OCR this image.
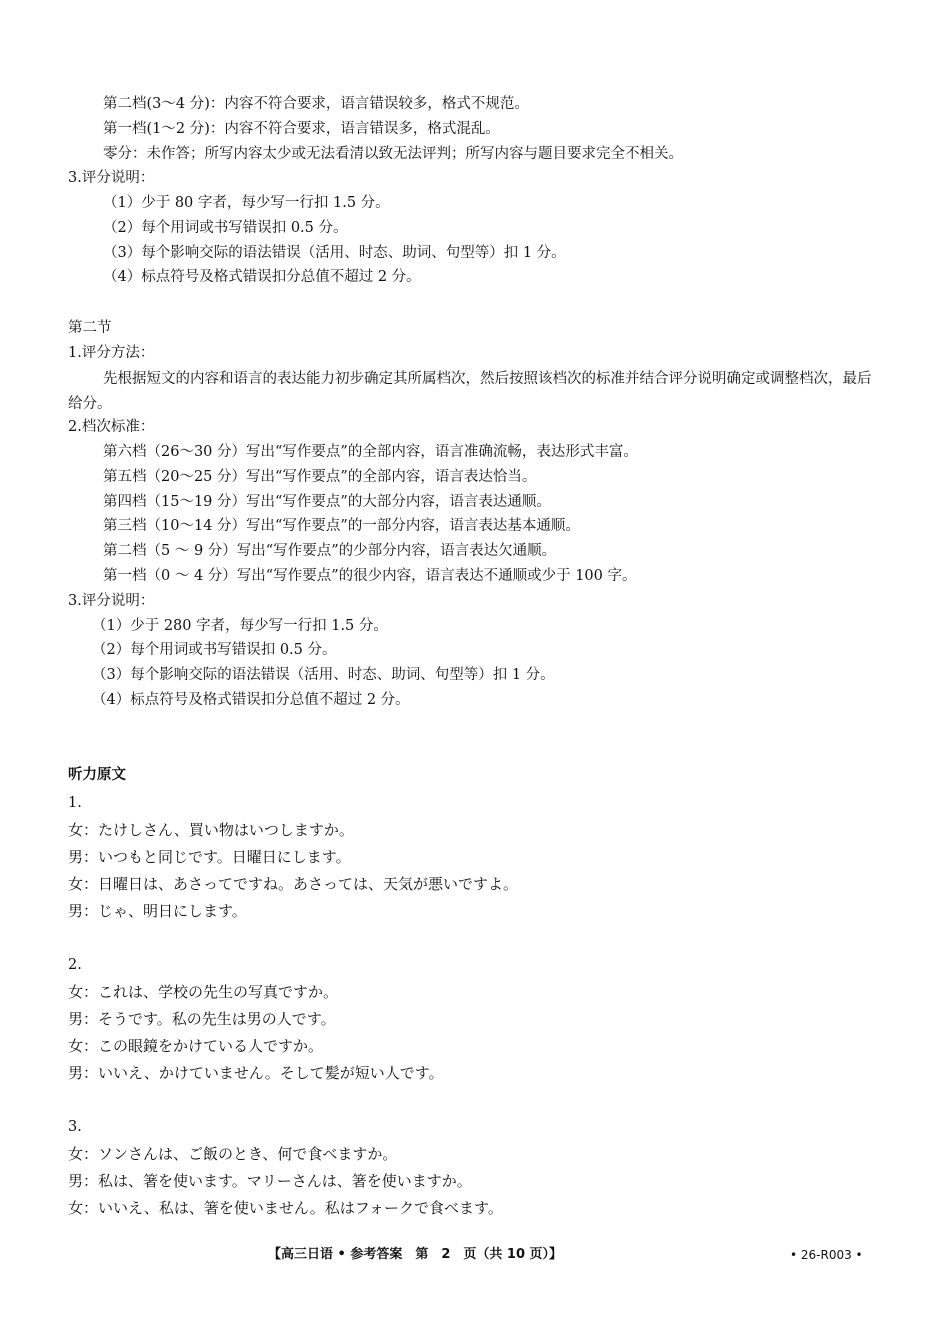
第二档(3～4 分)：内容不符合要求，语言错误较多，格式不规范。
第一档(1～2 分)：内容不符合要求，语言错误多，格式混乱。
零分：未作答；所写内容太少或无法看清以致无法评判；所写内容与题目要求完全不相关。
3.评分说明：
（1）少于 80 字者，每少写一行扣 1.5 分。
（2）每个用词或书写错误扣 0.5 分。
（3）每个影响交际的语法错误（活用、时态、助词、句型等）扣 1 分。
（4）标点符号及格式错误扣分总值不超过 2 分。
第二节
1.评分方法：
先根据短文的内容和语言的表达能力初步确定其所属档次，然后按照该档次的标准并结合评分说明确定或调整档次，最后给分。
2.档次标准：
第六档（26～30 分）写出“写作要点”的全部内容，语言准确流畅，表达形式丰富。
第五档（20～25 分）写出“写作要点”的全部内容，语言表达恰当。
第四档（15～19 分）写出“写作要点”的大部分内容，语言表达通顺。
第三档（10～14 分）写出“写作要点”的一部分内容，语言表达基本通顺。
第二档（5 ～ 9 分）写出“写作要点”的少部分内容，语言表达欠通顺。
第一档（0 ～ 4 分）写出“写作要点”的很少内容，语言表达不通顺或少于 100 字。
3.评分说明：
（1）少于 280 字者，每少写一行扣 1.5 分。
（2）每个用词或书写错误扣 0.5 分。
（3）每个影响交际的语法错误（活用、时态、助词、句型等）扣 1 分。
（4）标点符号及格式错误扣分总值不超过 2 分。
听力原文
1.
女：たけしさん、買い物はいつしますか。
男：いつもと同じです。日曜日にします。
女：日曜日は、あさってですね。あさっては、天気が悪いですよ。
男：じゃ、明日にします。
2.
女：これは、学校の先生の写真ですか。
男：そうです。私の先生は男の人です。
女：この眼鏡をかけている人ですか。
男：いいえ、かけていません。そして髪が短い人です。
3.
女：ソンさんは、ご飯のとき、何で食べますか。
男：私は、箸を使います。マリーさんは、箸を使いますか。
女：いいえ、私は、箸を使いません。私はフォークで食べます。
【高三日语 • 参考答案　第　2　页（共 10 页）】	• 26-R003 •
